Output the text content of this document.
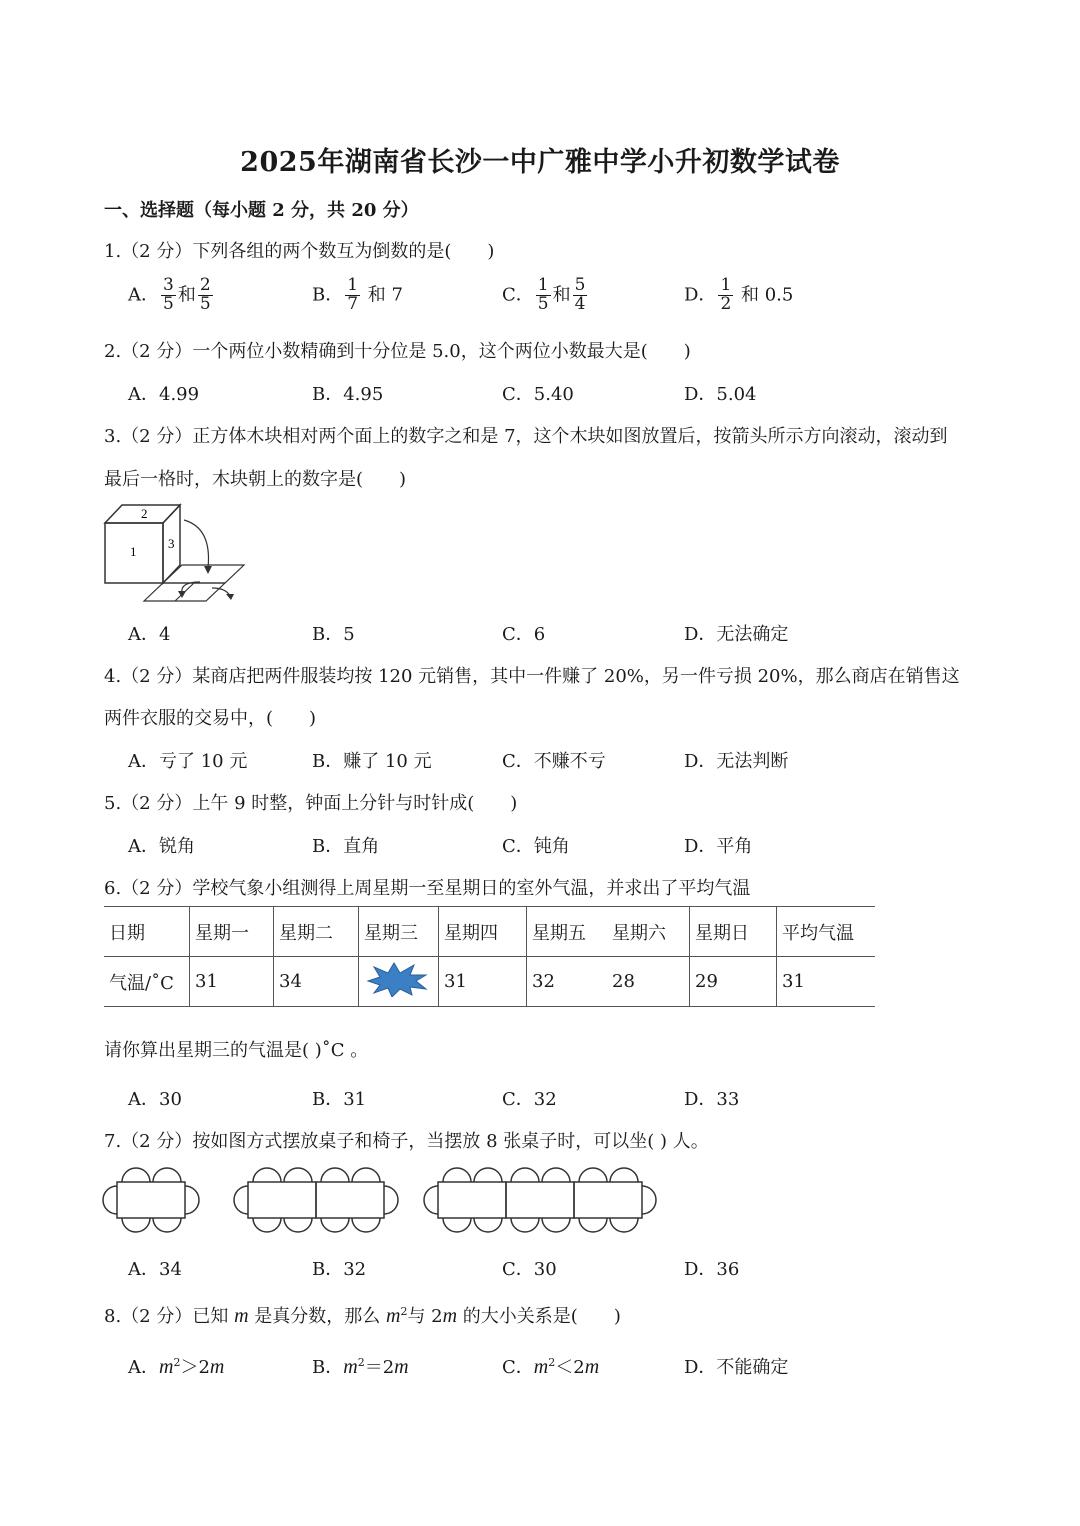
2025年湖南省长沙一中广雅中学小升初数学试卷
一、选择题（每小题 2 分，共 20 分）
1.（2 分）下列各组的两个数互为倒数的是(　　)
A． $\frac{3}{5}$ 和 $\frac{2}{5}$	B． $\frac{1}{7}$ 和 7	C． $\frac{1}{5}$ 和 $\frac{5}{4}$	D． $\frac{1}{2}$ 和 0.5
2.（2 分）一个两位小数精确到十分位是 5.0，这个两位小数最大是(　　)
A．4.99	B．4.95	C．5.40	D．5.04
3.（2 分）正方体木块相对两个面上的数字之和是 7，这个木块如图放置后，按箭头所示方向滚动，滚动到
最后一格时，木块朝上的数字是(　　)
2
1
3
A．4	B．5	C．6	D．无法确定
4.（2 分）某商店把两件服装均按 120 元销售，其中一件赚了 20%，另一件亏损 20%，那么商店在销售这
两件衣服的交易中，(　　)
A．亏了 10 元	B．赚了 10 元	C．不赚不亏	D．无法判断
5.（2 分）上午 9 时整，钟面上分针与时针成(　　)
A．锐角	B．直角	C．钝角	D．平角
6.（2 分）学校气象小组测得上周星期一至星期日的室外气温，并求出了平均气温
日期	星期一	星期二	星期三	星期四	星期五	星期六	星期日	平均气温
气温/˚C	31	34		31	32	28	29	31
请你算出星期三的气温是( )˚C 。
A．30	B．31	C．32	D．33
7.（2 分）按如图方式摆放桌子和椅子，当摆放 8 张桌子时，可以坐( ) 人。
A．34	B．32	C．30	D．36
8.（2 分）已知 m 是真分数，那么 $m^2$与 2m 的大小关系是(　　)
A．$m^2>2m$	B．$m^2=2m$	C．$m^2<2m$	D．不能确定
